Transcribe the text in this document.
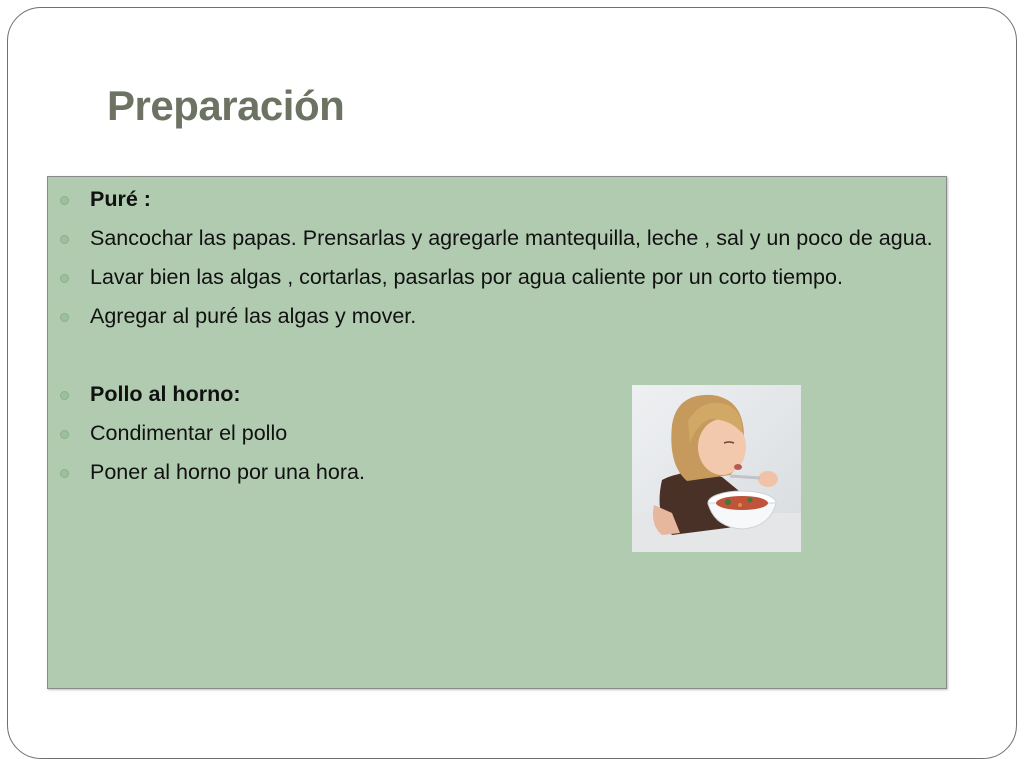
Preparación
Puré :
Sancochar las papas. Prensarlas y agregarle mantequilla, leche , sal y un poco de agua.
Lavar bien las algas , cortarlas, pasarlas por agua caliente por un corto tiempo.
Agregar al puré las algas y mover.
Pollo al horno:
Condimentar el pollo
Poner al horno por una hora.
